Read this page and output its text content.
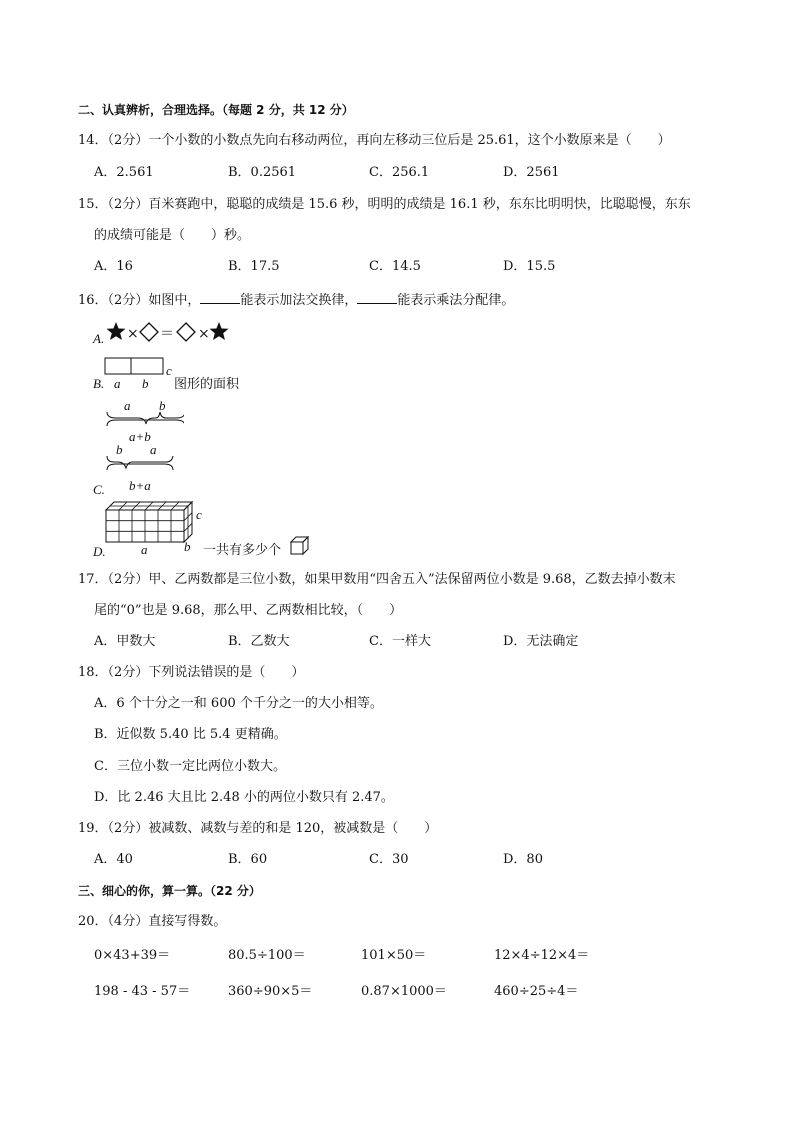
二、认真辨析，合理选择。（每题 2 分，共 12 分）
14．（2分）一个小数的小数点先向右移动两位，再向左移动三位后是 25.61，这个小数原来是（　　）
A．2.561	B．0.2561	C．256.1	D．2561
15．（2分）百米赛跑中，聪聪的成绩是 15.6 秒，明明的成绩是 16.1 秒，东东比明明快，比聪聪慢，东东
的成绩可能是（　　）秒。
A．16	B．17.5	C．14.5	D．15.5
16．（2分）如图中，	能表示加法交换律，	能表示乘法分配律。
A. × ＝ ×
B. a b
c
图形的面积
a b
a+b
b a
C. b+a
c
D.	a	b 一共有多少个
17．（2分）甲、乙两数都是三位小数，如果甲数用“四舍五入”法保留两位小数是 9.68，乙数去掉小数末
尾的“0”也是 9.68，那么甲、乙两数相比较，（　　）
A．甲数大	B．乙数大	C．一样大	D．无法确定
18．（2分）下列说法错误的是（　　）
A．6 个十分之一和 600 个千分之一的大小相等。
B．近似数 5.40 比 5.4 更精确。
C．三位小数一定比两位小数大。
D．比 2.46 大且比 2.48 小的两位小数只有 2.47。
19．（2分）被减数、减数与差的和是 120，被减数是（　　）
A．40	B．60	C．30	D．80
三、细心的你，算一算。（22 分）
20．（4分）直接写得数。
0×43+39＝	80.5÷100＝	101×50＝	12×4÷12×4＝
198 - 43 - 57＝	360÷90×5＝	0.87×1000＝	460÷25÷4＝
